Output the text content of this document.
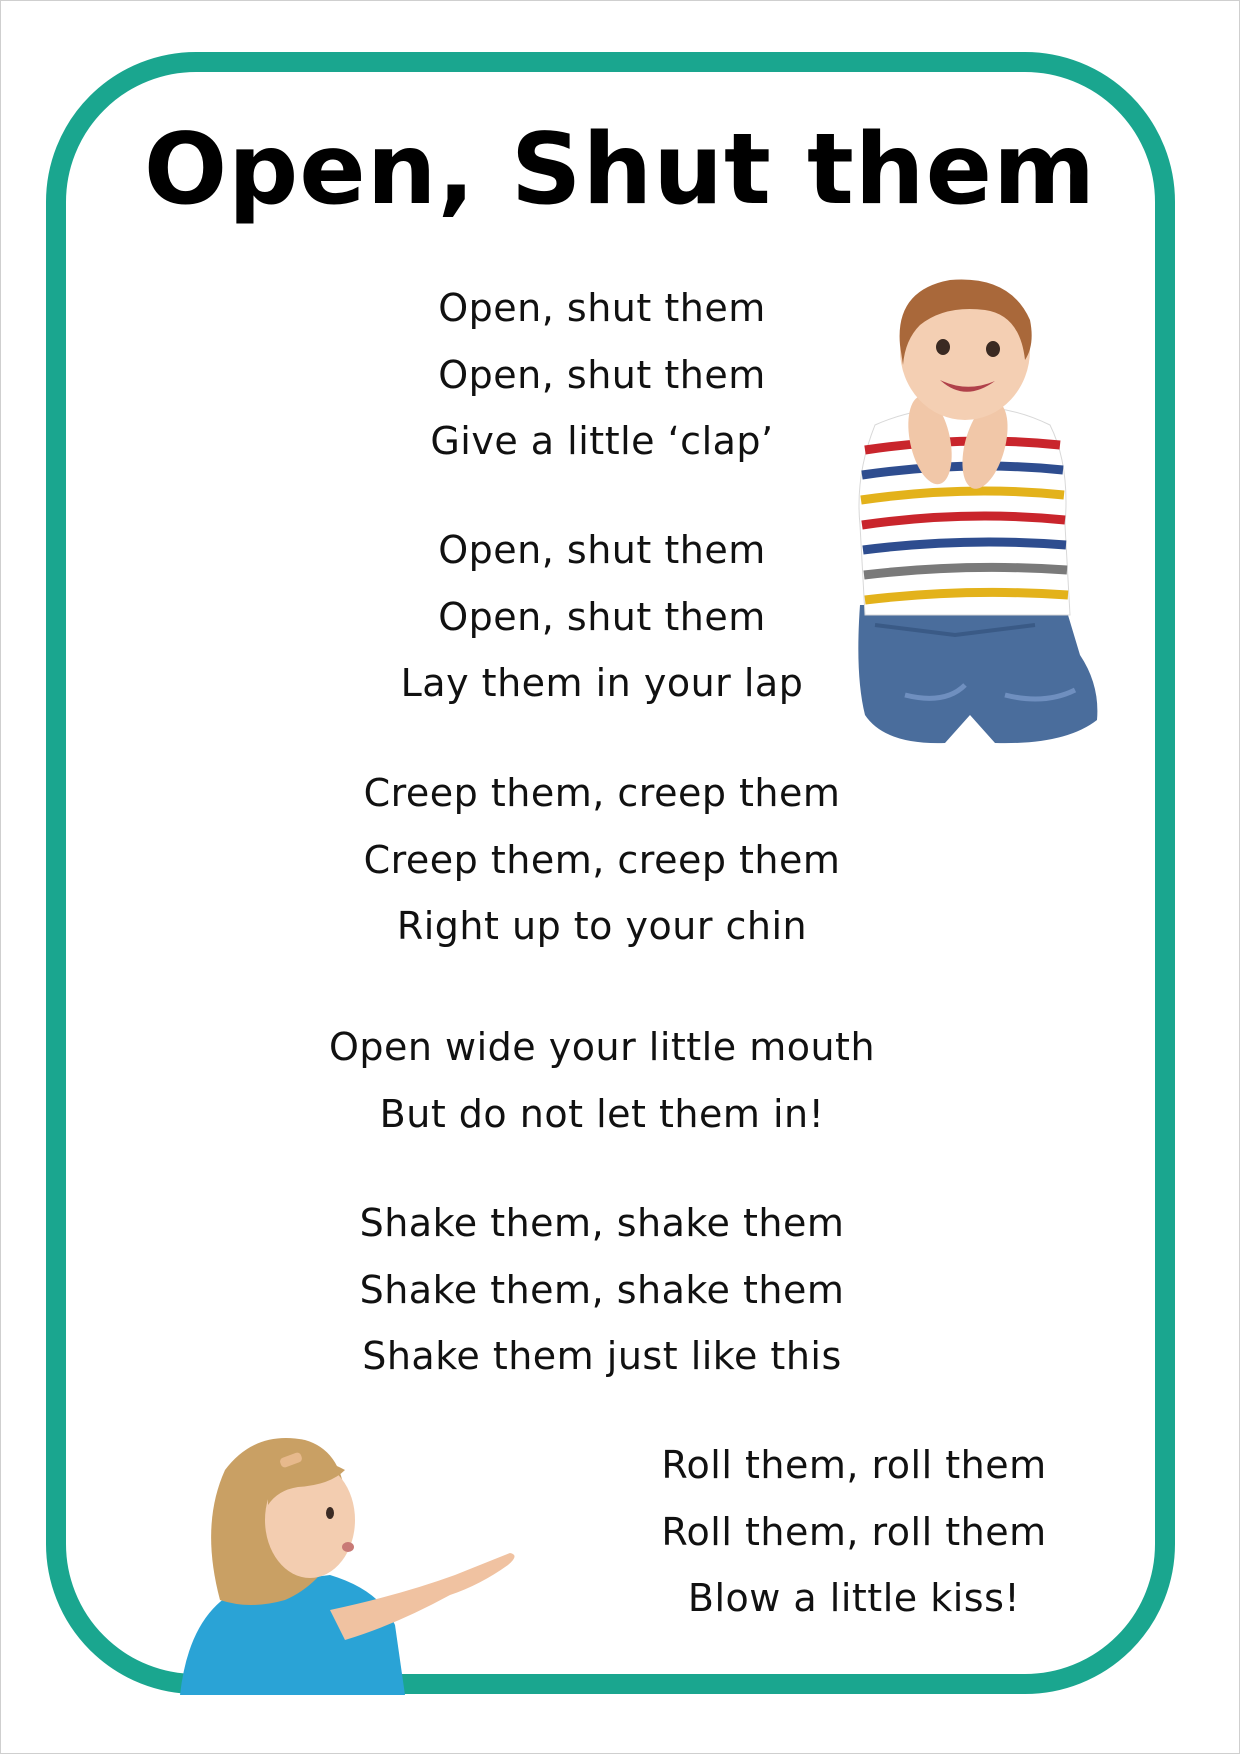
Open, Shut them
Open, shut them
Open, shut them
Give a little ‘clap’
Open, shut them
Open, shut them
Lay them in your lap
Creep them, creep them
Creep them, creep them
Right up to your chin
Open wide your little mouth
But do not let them in!
Shake them, shake them
Shake them, shake them
Shake them just like this
Roll them, roll them
Roll them, roll them
Blow a little kiss!
